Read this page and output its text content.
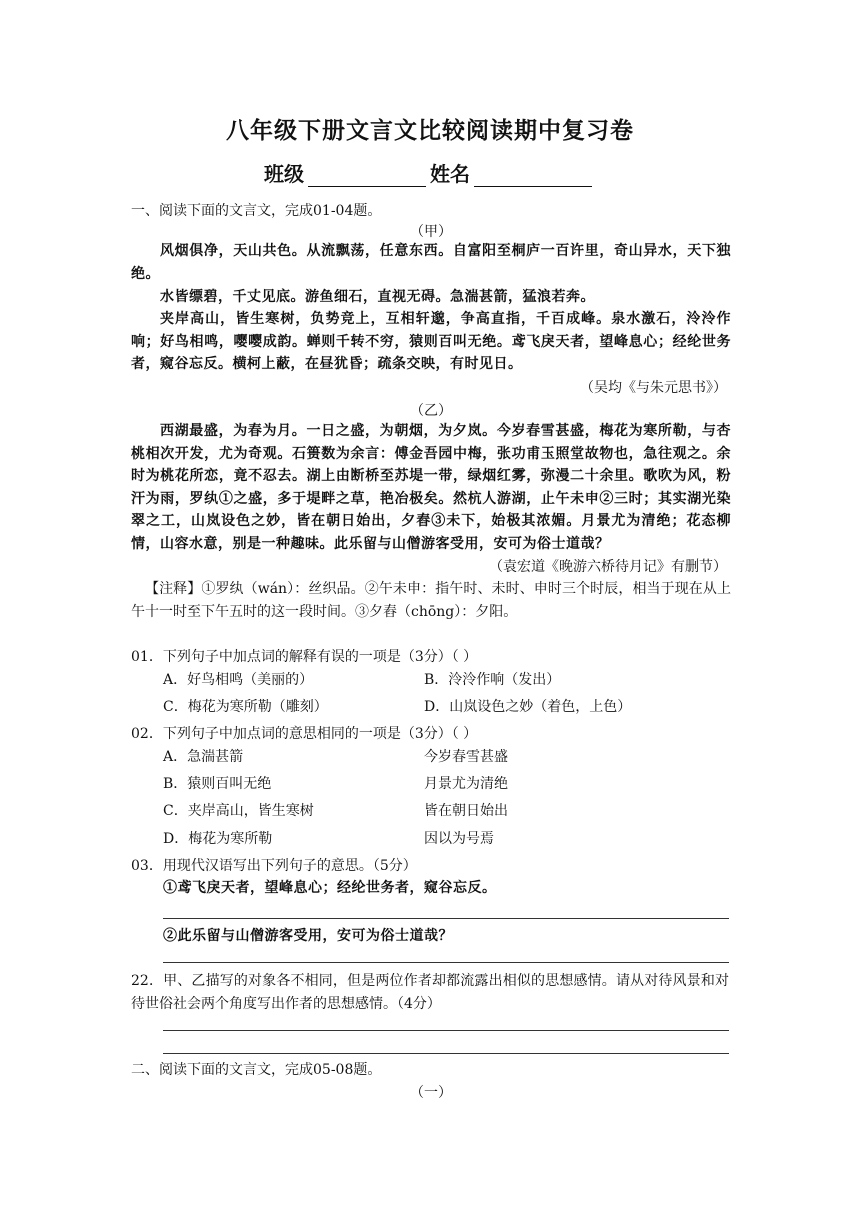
八年级下册文言文比较阅读期中复习卷
班级	姓名
一、阅读下面的文言文，完成01-04题。
（甲）
风烟俱净，天山共色。从流飘荡，任意东西。自富阳至桐庐一百许里，奇山异水，天下独绝。
水皆缥碧，千丈见底。游鱼细石，直视无碍。急湍甚箭，猛浪若奔。
夹岸高山，皆生寒树，负势竞上，互相轩邈，争高直指，千百成峰。泉水激石，泠泠作响；好鸟相鸣，嘤嘤成韵。蝉则千转不穷，猿则百叫无绝。鸢飞戾天者，望峰息心；经纶世务者，窥谷忘反。横柯上蔽，在昼犹昏；疏条交映，有时见日。
（吴均《与朱元思书》）
（乙）
西湖最盛，为春为月。一日之盛，为朝烟，为夕岚。今岁春雪甚盛，梅花为寒所勒，与杏桃相次开发，尤为奇观。石篑数为余言：傅金吾园中梅，张功甫玉照堂故物也，急往观之。余时为桃花所恋，竟不忍去。湖上由断桥至苏堤一带，绿烟红雾，弥漫二十余里。歌吹为风，粉汗为雨，罗纨①之盛，多于堤畔之草，艳冶极矣。然杭人游湖，止午未申②三时；其实湖光染翠之工，山岚设色之妙，皆在朝日始出，夕舂③未下，始极其浓媚。月景尤为清绝；花态柳情，山容水意，别是一种趣味。此乐留与山僧游客受用，安可为俗士道哉？
（袁宏道《晚游六桥待月记》有删节）
【注释】①罗纨（wán）：丝织品。②午未申：指午时、未时、申时三个时辰，相当于现在从上午十一时至下午五时的这一段时间。③夕舂（chōng）：夕阳。
01．下列句子中加点词的解释有误的一项是（3分）（ ）
A．好鸟相鸣（美丽的）	B．泠泠作响（发出）
C．梅花为寒所勒（雕刻）	D．山岚设色之妙（着色，上色）
02．下列句子中加点词的意思相同的一项是（3分）（ ）
A．急湍甚箭	今岁春雪甚盛
B．猿则百叫无绝	月景尤为清绝
C．夹岸高山，皆生寒树	皆在朝日始出
D．梅花为寒所勒	因以为号焉
03．用现代汉语写出下列句子的意思。（5分）
①鸢飞戾天者，望峰息心；经纶世务者，窥谷忘反。
②此乐留与山僧游客受用，安可为俗士道哉？
22．甲、乙描写的对象各不相同，但是两位作者却都流露出相似的思想感情。请从对待风景和对待世俗社会两个角度写出作者的思想感情。（4分）
二、阅读下面的文言文，完成05-08题。
（一）
